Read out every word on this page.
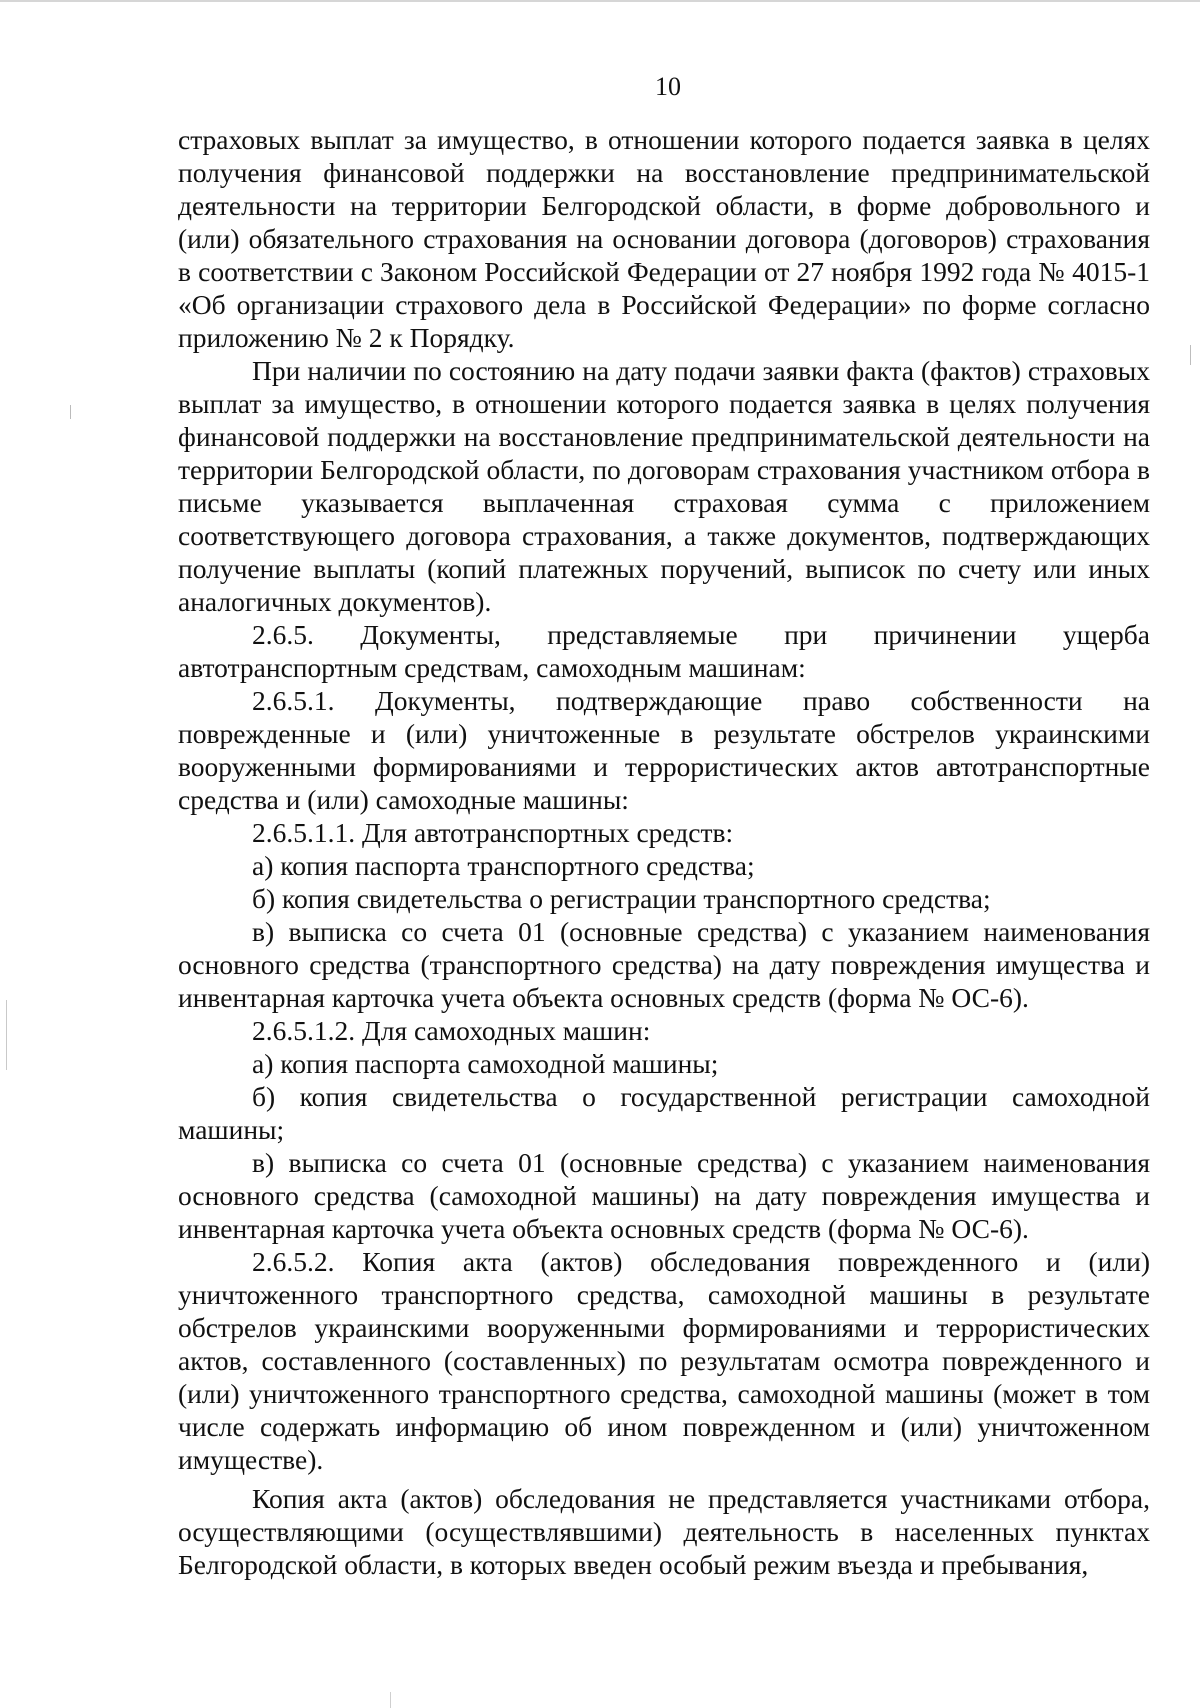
10

страховых выплат за имущество, в отношении которого подается заявка в целях получения финансовой поддержки на восстановление предпринимательской деятельности на территории Белгородской области, в форме добровольного и (или) обязательного страхования на основании договора (договоров) страхования в соответствии с Законом Российской Федерации от 27 ноября 1992 года № 4015-1 «Об организации страхового дела в Российской Федерации» по форме согласно приложению № 2 к Порядку.

При наличии по состоянию на дату подачи заявки факта (фактов) страховых выплат за имущество, в отношении которого подается заявка в целях получения финансовой поддержки на восстановление предпринимательской деятельности на территории Белгородской области, по договорам страхования участником отбора в письме указывается выплаченная страховая сумма с приложением соответствующего договора страхования, а также документов, подтверждающих получение выплаты (копий платежных поручений, выписок по счету или иных аналогичных документов).

2.6.5. Документы, представляемые при причинении ущерба автотранспортным средствам, самоходным машинам:

2.6.5.1. Документы, подтверждающие право собственности на поврежденные и (или) уничтоженные в результате обстрелов украинскими вооруженными формированиями и террористических актов автотранспортные средства и (или) самоходные машины:

2.6.5.1.1. Для автотранспортных средств:

а) копия паспорта транспортного средства;

б) копия свидетельства о регистрации транспортного средства;

в) выписка со счета 01 (основные средства) с указанием наименования основного средства (транспортного средства) на дату повреждения имущества и инвентарная карточка учета объекта основных средств (форма № ОС-6).

2.6.5.1.2. Для самоходных машин:

а) копия паспорта самоходной машины;

б) копия свидетельства о государственной регистрации самоходной машины;

в) выписка со счета 01 (основные средства) с указанием наименования основного средства (самоходной машины) на дату повреждения имущества и инвентарная карточка учета объекта основных средств (форма № ОС-6).

2.6.5.2. Копия акта (актов) обследования поврежденного и (или) уничтоженного транспортного средства, самоходной машины в результате обстрелов украинскими вооруженными формированиями и террористических актов, составленного (составленных) по результатам осмотра поврежденного и (или) уничтоженного транспортного средства, самоходной машины (может в том числе содержать информацию об ином поврежденном и (или) уничтоженном имуществе).

Копия акта (актов) обследования не представляется участниками отбора, осуществляющими (осуществлявшими) деятельность в населенных пунктах Белгородской области, в которых введен особый режим въезда и пребывания,
